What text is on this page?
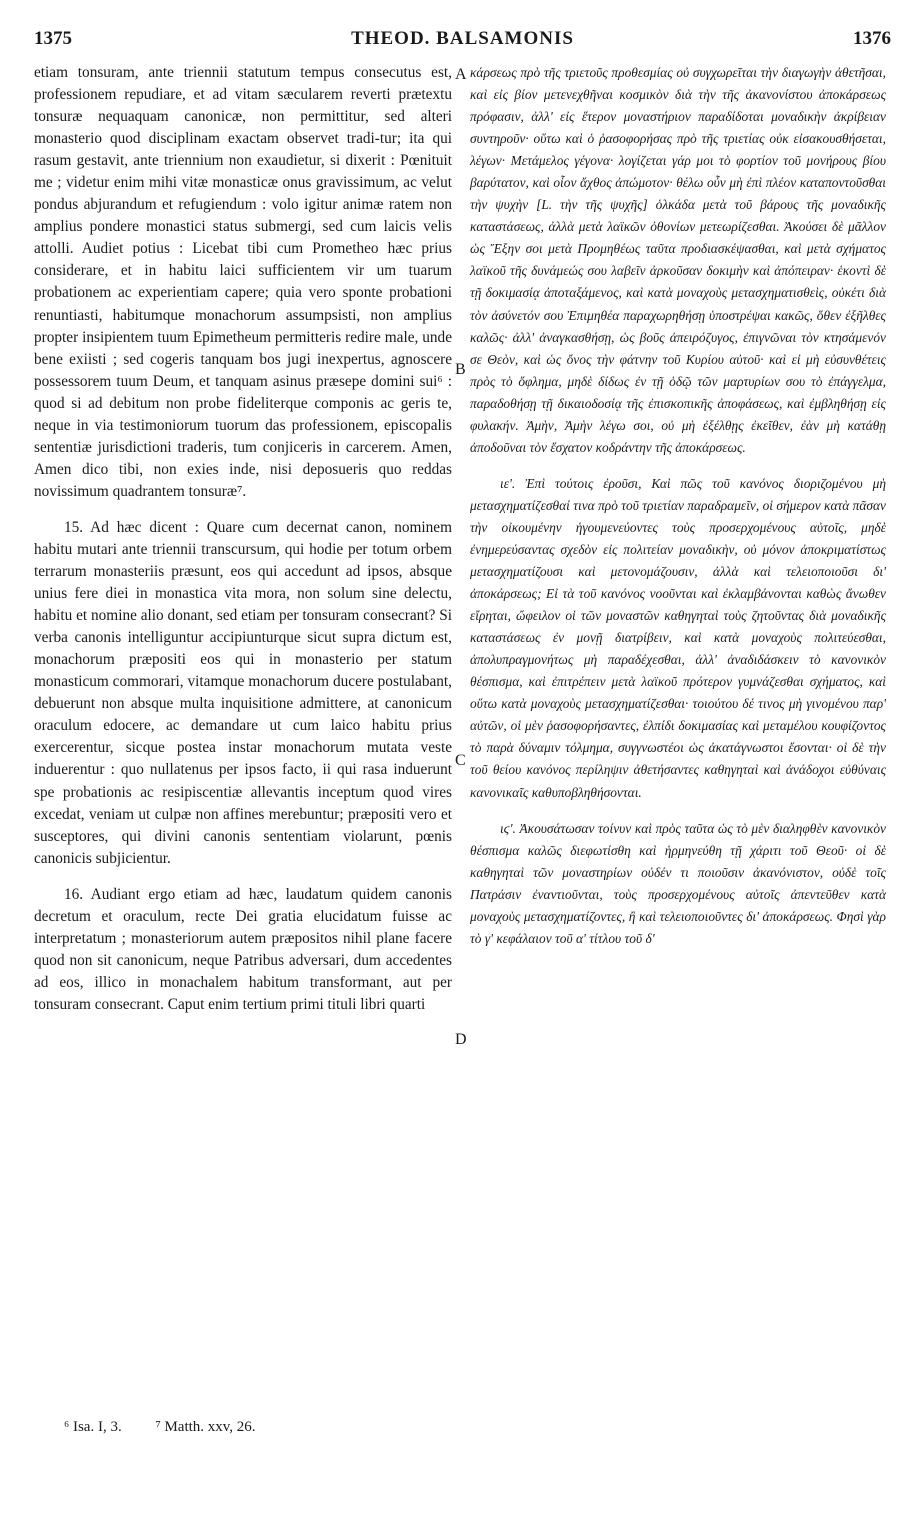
1375	THEOD. BALSAMONIS	1376

etiam tonsuram, ante triennii statutum tempus consecutus est, professionem repudiare, et ad vitam sæcularem reverti prætextu tonsuræ nequaquam canonicæ, non permittitur, sed alteri monasterio quod disciplinam exactam observet tradi-tur; ita qui rasum gestavit, ante triennium non exaudietur, si dixerit : Pœnituit me ; videtur enim mihi vitæ monasticæ onus gravissimum, ac velut pondus abjurandum et refugiendum : volo igitur animæ ratem non amplius pondere monastici status submergi, sed cum laicis velis attolli. Audiet potius : Licebat tibi cum Prometheo hæc prius considerare, et in habitu laici sufficientem vir um tuarum probationem ac experientiam capere; quia vero sponte probationi renuntiasti, habitumque monachorum assumpsisti, non amplius propter insipientem tuum Epimetheum permitteris redire male, unde bene exiisti ; sed cogeris tanquam bos jugi inexpertus, agnoscere possessorem tuum Deum, et tanquam asinus præsepe domini sui⁶ : quod si ad debitum non probe fideliterque componis ac geris te, neque in via testimoniorum tuorum das professionem, episcopalis sententiæ jurisdictioni traderis, tum conjiceris in carcerem. Amen, Amen dico tibi, non exies inde, nisi deposueris quo reddas novissimum quadrantem tonsuræ⁷.

15. Ad hæc dicent : Quare cum decernat canon, nominem habitu mutari ante triennii transcursum, qui hodie per totum orbem terrarum monasteriis præsunt, eos qui accedunt ad ipsos, absque unius fere diei in monastica vita mora, non solum sine delectu, habitu et nomine alio donant, sed etiam per tonsuram consecrant? Si verba canonis intelliguntur accipiunturque sicut supra dictum est, monachorum præpositi eos qui in monasterio per statum monasticum commorari, vitamque monachorum ducere postulabant, debuerunt non absque multa inquisitione admittere, at canonicum oraculum edocere, ac demandare ut cum laico habitu prius exercerentur, sicque postea instar monachorum mutata veste induerentur : quo nullatenus per ipsos facto, ii qui rasa induerunt spe probationis ac resipiscentiæ allevantis inceptum quod vires excedat, veniam ut culpæ non affines merebuntur; præpositi vero et susceptores, qui divini canonis sententiam violarunt, pœnis canonicis subjicientur.

16. Audiant ergo etiam ad hæc, laudatum quidem canonis decretum et oraculum, recte Dei gratia elucidatum fuisse ac interpretatum ; monasteriorum autem præpositos nihil plane facere quod non sit canonicum, neque Patribus adversari, dum accedentes ad eos, illico in monachalem habitum transformant, aut per tonsuram consecrant. Caput enim tertium primi tituli libri quarti

κάρσεως πρὸ τῆς τριετοῦς προθεσμίας οὐ συγχωρεῖται τὴν διαγωγὴν ἀθετῆσαι, καὶ εἰς βίον μετενεχθῆναι κοσμικὸν διὰ τὴν τῆς ἀκανονίστου ἀποκάρσεως πρόφασιν, ἀλλ' εἰς ἕτερον μοναστήριον παραδίδοται μοναδικὴν ἀκρίβειαν συντηροῦν· οὕτω καὶ ὁ ῥασοφορήσας πρὸ τῆς τριετίας οὐκ εἰσακουσθήσεται, λέγων· Μετάμελος γέγονα· λογίζεται γάρ μοι τὸ φορτίον τοῦ μονήρους βίου βαρύτατον, καὶ οἷον ἄχθος ἀπώμοτον· θέλω οὖν μὴ ἐπὶ πλέον καταποντοῦσθαι τὴν ψυχὴν [L. τὴν τῆς ψυχῆς] ὁλκάδα μετὰ τοῦ βάρους τῆς μοναδικῆς καταστάσεως, ἀλλὰ μετὰ λαϊκῶν ὀθονίων μετεωρίζεσθαι. Ἀκούσει δὲ μᾶλλον ὡς Ἔξην σοι μετὰ Προμηθέως ταῦτα προδιασκέψασθαι, καὶ μετὰ σχήματος λαϊκοῦ τῆς δυνάμεώς σου λαβεῖν ἀρκοῦσαν δοκιμὴν καὶ ἀπόπειραν· ἑκοντὶ δὲ τῇ δοκιμασίᾳ ἀποταξάμενος, καὶ κατὰ μοναχοὺς μετασχηματισθεὶς, οὐκέτι διὰ τὸν ἀσύνετόν σου Ἐπιμηθέα παραχωρηθήσῃ ὑποστρέψαι κακῶς, ὅθεν ἐξῆλθες καλῶς· ἀλλ' ἀναγκασθήσῃ, ὡς βοῦς ἀπειρόζυγος, ἐπιγνῶναι τὸν κτησάμενόν σε Θεὸν, καὶ ὡς ὄνος τὴν φάτνην τοῦ Κυρίου αὐτοῦ· καὶ εἰ μὴ εὐσυνθέτεις πρὸς τὸ ὄφλημα, μηδὲ δίδως ἐν τῇ ὁδῷ τῶν μαρτυρίων σου τὸ ἐπάγγελμα, παραδοθήσῃ τῇ δικαιοδοσίᾳ τῆς ἐπισκοπικῆς ἀποφάσεως, καὶ ἐμβληθήσῃ εἰς φυλακήν. Ἀμὴν, Ἀμὴν λέγω σοι, οὐ μὴ ἐξέλθῃς ἐκεῖθεν, ἐὰν μὴ κατάθῃ ἀποδοῦναι τὸν ἔσχατον κοδράντην τῆς ἀποκάρσεως.

ιε'. Ἐπὶ τούτοις ἐροῦσι, Καὶ πῶς τοῦ κανόνος διοριζομένου μὴ μετασχηματίζεσθαί τινα πρὸ τοῦ τριετίαν παραδραμεῖν, οἱ σήμερον κατὰ πᾶσαν τὴν οἰκουμένην ἡγουμενεύοντες τοὺς προσερχομένους αὐτοῖς, μηδὲ ἐνημερεύσαντας σχεδὸν εἰς πολιτείαν μοναδικὴν, οὐ μόνον ἀποκριματίστως μετασχηματίζουσι καὶ μετονομάζουσιν, ἀλλὰ καὶ τελειοποιοῦσι δι' ἀποκάρσεως; Εἰ τὰ τοῦ κανόνος νοοῦνται καὶ ἐκλαμβάνονται καθὼς ἄνωθεν εἴρηται, ὤφειλον οἱ τῶν μοναστῶν καθηγηταὶ τοὺς ζητοῦντας διὰ μοναδικῆς καταστάσεως ἐν μονῇ διατρίβειν, καὶ κατὰ μοναχοὺς πολιτεύεσθαι, ἀπολυπραγμονήτως μὴ παραδέχεσθαι, ἀλλ' ἀναδιδάσκειν τὸ κανονικὸν θέσπισμα, καὶ ἐπιτρέπειν μετὰ λαϊκοῦ πρότερον γυμνάζεσθαι σχήματος, καὶ οὕτω κατὰ μοναχοὺς μετασχηματίζεσθαι· τοιούτου δέ τινος μὴ γινομένου παρ' αὐτῶν, οἱ μὲν ῥασοφορήσαντες, ἐλπίδι δοκιμασίας καὶ μεταμέλου κουφίζοντος τὸ παρὰ δύναμιν τόλμημα, συγγνωστέοι ὡς ἀκατάγνωστοι ἔσονται· οἱ δὲ τὴν τοῦ θείου κανόνος περίληψιν ἀθετήσαντες καθηγηταὶ καὶ ἀνάδοχοι εὐθύναις κανονικαῖς καθυποβληθήσονται.

ιϛ'. Ἀκουσάτωσαν τοίνυν καὶ πρὸς ταῦτα ὡς τὸ μὲν διαληφθὲν κανονικὸν θέσπισμα καλῶς διεφωτίσθη καὶ ἡρμηνεύθη τῇ χάριτι τοῦ Θεοῦ· οἱ δὲ καθηγηταὶ τῶν μοναστηρίων οὐδέν τι ποιοῦσιν ἀκανόνιστον, οὐδὲ τοῖς Πατράσιν ἐναντιοῦνται, τοὺς προσερχομένους αὐτοῖς ἀπεντεῦθεν κατὰ μοναχοὺς μετασχηματίζοντες, ἢ καὶ τελειοποιοῦντες δι' ἀποκάρσεως. Φησὶ γὰρ τὸ γ' κεφάλαιον τοῦ α' τίτλου τοῦ δ'

A
B
C
D
⁶ Isa. I, 3. ⁷ Matth. xxv, 26.
